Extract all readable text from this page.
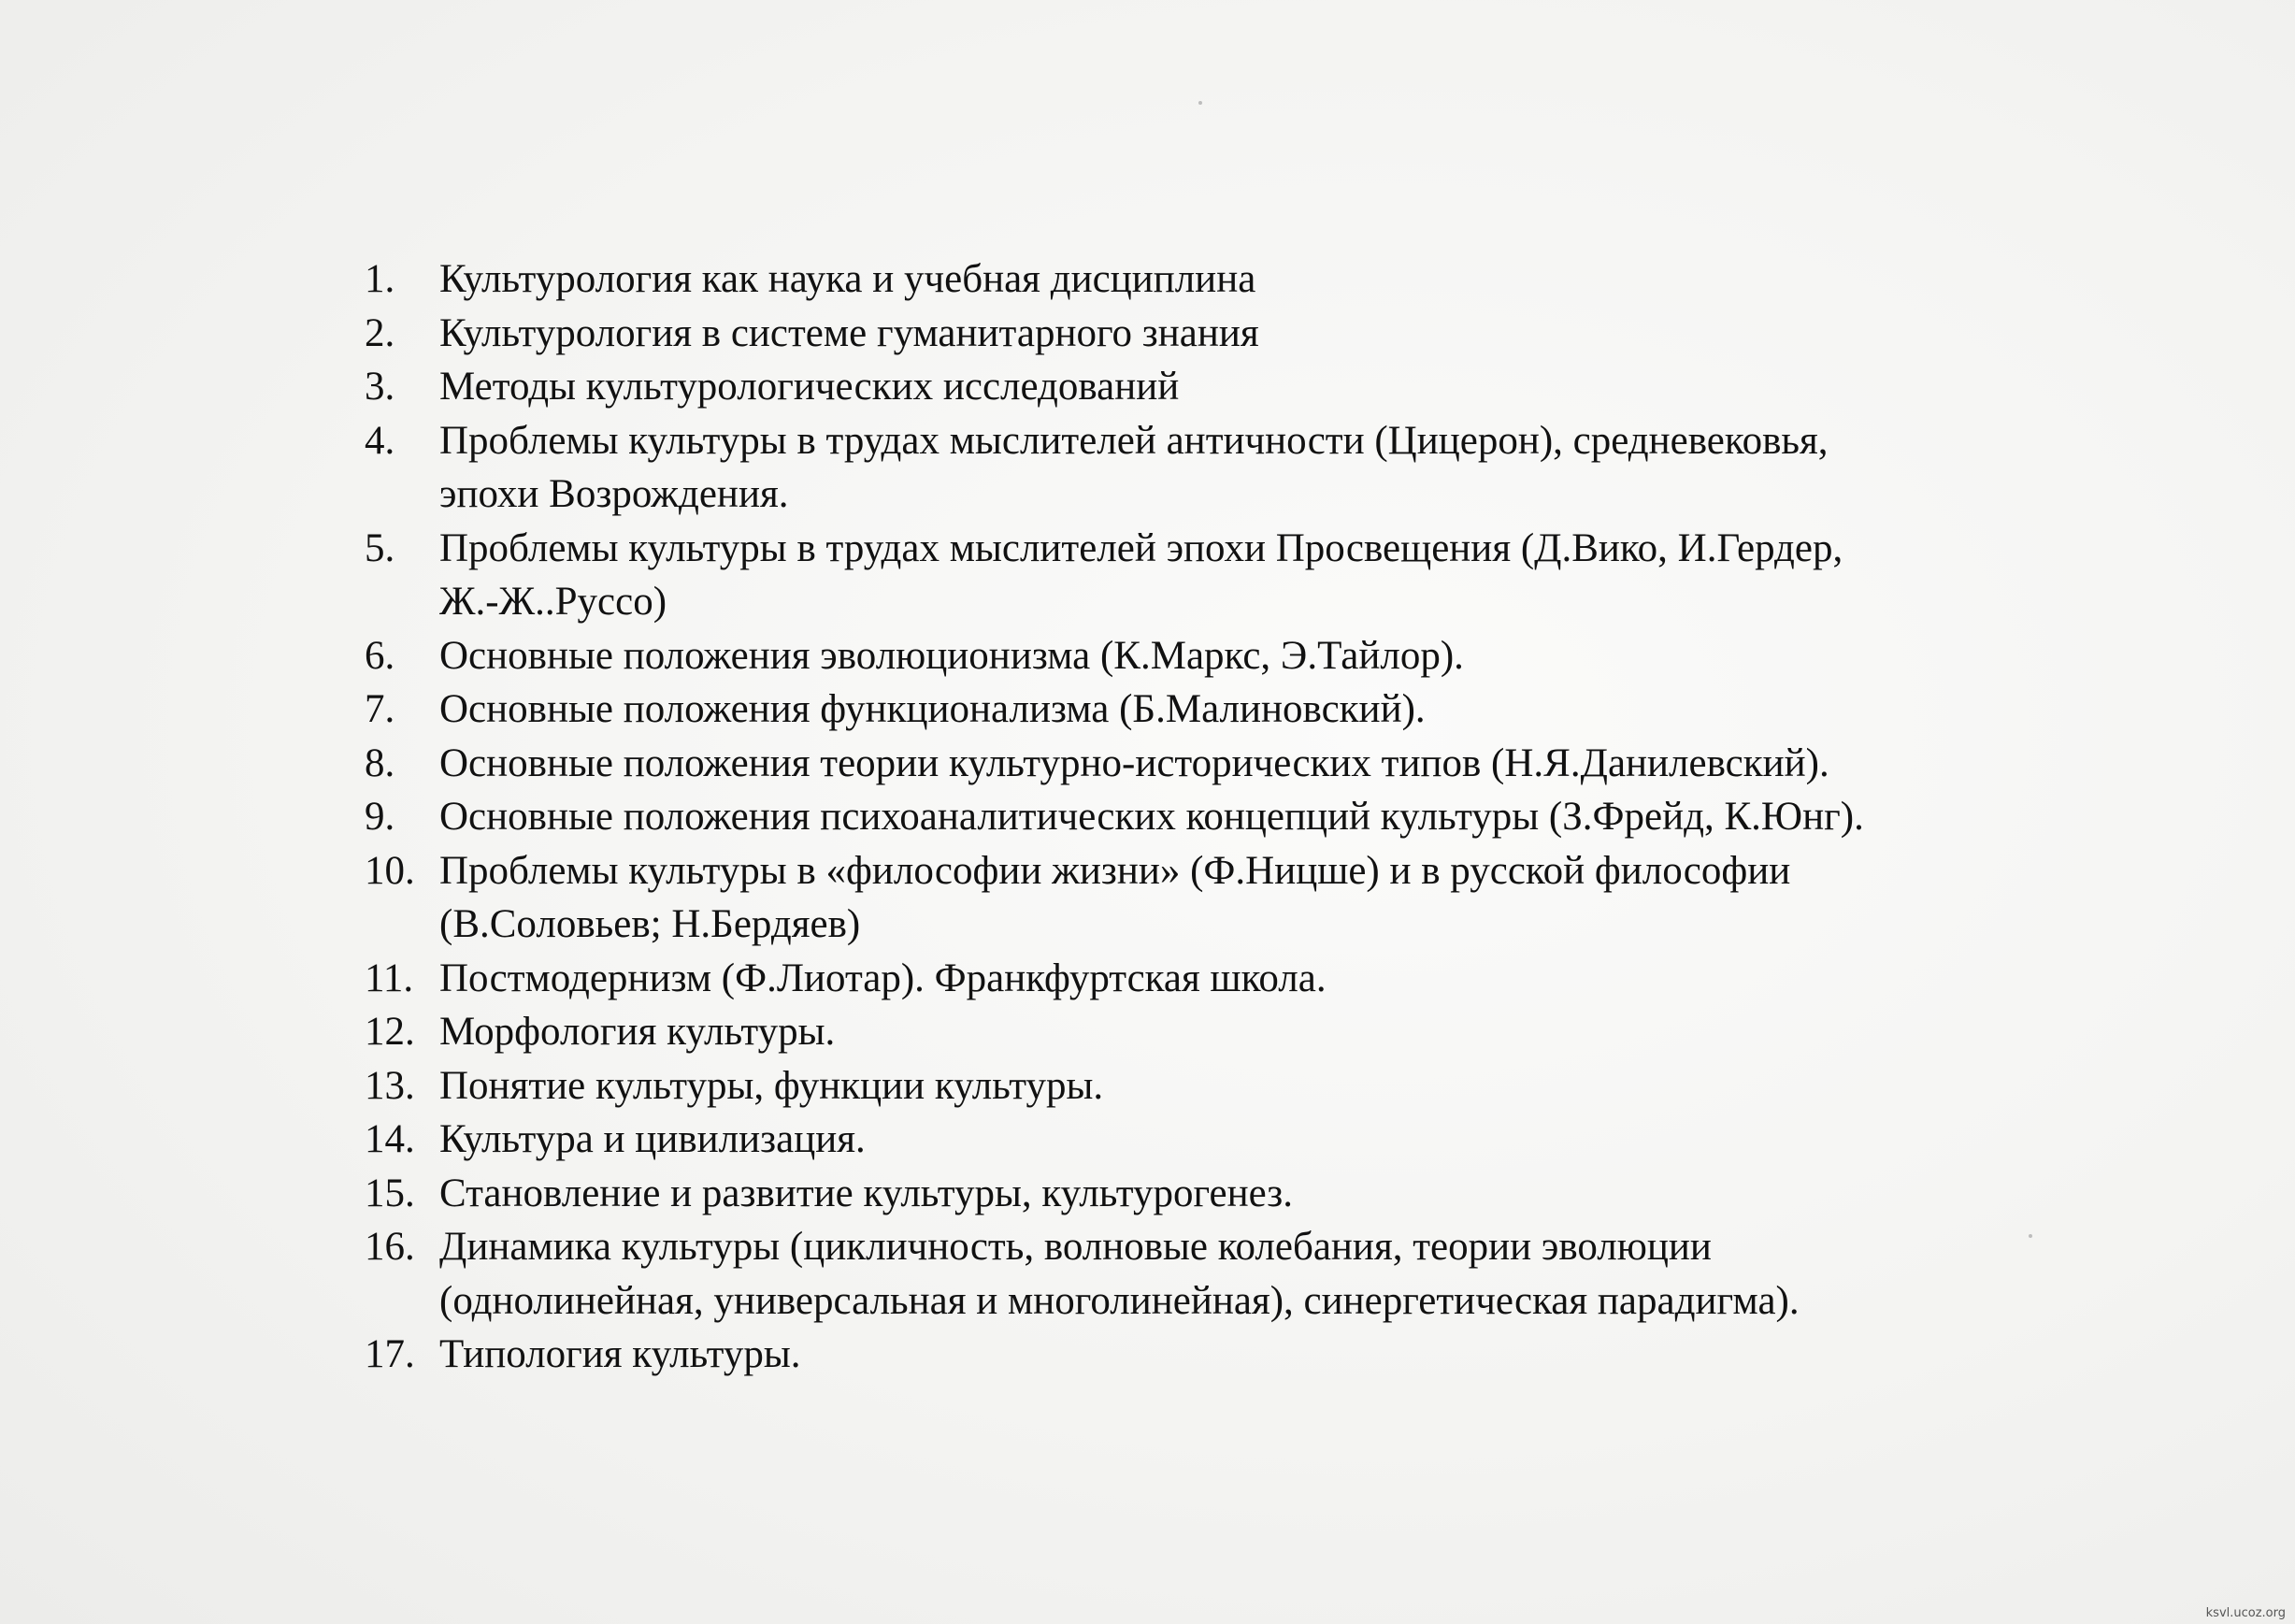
1.	Культурология как наука и учебная дисциплина
2.	Культурология в системе гуманитарного знания
3.	Методы культурологических исследований
4.	Проблемы культуры в трудах мыслителей античности (Цицерон), средневековья,
эпохи Возрождения.
5.	Проблемы культуры в трудах мыслителей эпохи Просвещения (Д.Вико, И.Гердер,
Ж.-Ж..Руссо)
6.	Основные положения эволюционизма (К.Маркс, Э.Тайлор).
7.	Основные положения функционализма (Б.Малиновский).
8.	Основные положения теории культурно-исторических типов (Н.Я.Данилевский).
9.	Основные положения психоаналитических концепций культуры (З.Фрейд, К.Юнг).
10. Проблемы культуры в «философии жизни» (Ф.Ницше) и в русской философии
(В.Соловьев; Н.Бердяев)
11. Постмодернизм (Ф.Лиотар). Франкфуртская школа.
12. Морфология культуры.
13. Понятие культуры, функции культуры.
14. Культура и цивилизация.
15. Становление и развитие культуры, культурогенез.
16. Динамика культуры (цикличность, волновые колебания, теории эволюции
(однолинейная, универсальная и многолинейная), синергетическая парадигма).
17. Типология культуры.
ksvl.ucoz.org
